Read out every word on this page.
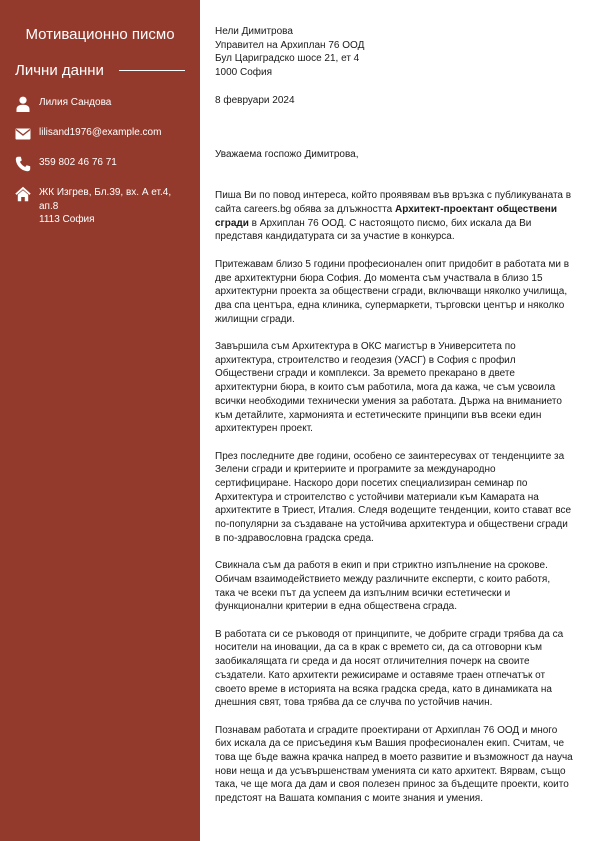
Мотивационно писмо
Лични данни
Лилия Сандова
lilisand1976@example.com
359 802 46 76 71
ЖК Изгрев, Бл.39, вх. А ет.4, ап.8
1113 София

Нели Димитрова

Управител на Архиплан 76 ООД

Бул Цариградско шосе 21, ет 4

1000 София

8 февруари 2024

Уважаема госпожо Димитрова,

Пиша Ви по повод интереса, който проявявам във връзка с публикуваната в сайта careers.bg обява за длъжността Архитект-проектант обществени сгради в Архиплан 76 ООД. С настоящото писмо, бих искала да Ви представя кандидатурата си за участие в конкурса.

Притежавам близо 5 години професионален опит придобит в работата ми в две архитектурни бюра София. До момента съм участвала в близо 15 архитектурни проекта за обществени сгради, включващи няколко училища, два спа центъра, една клиника, супермаркети, търговски център и няколко жилищни сгради.

Завършила съм Архитектура в ОКС магистър в Университета по архитектура, строителство и геодезия (УАСГ) в София с профил Обществени сгради и комплекси. За времето прекарано в двете архитектурни бюра, в които съм работила, мога да кажа, че съм усвоила всички необходими технически умения за работата. Държа на вниманието към детайлите, хармонията и естетическите принципи във всеки един архитектурен проект.

През последните две години, особено се заинтересувах от тенденциите за Зелени сгради и критериите и програмите за международно сертифициране. Наскоро дори посетих специализиран семинар по Архитектура и строителство с устойчиви материали към Камарата на архитектите в Триест, Италия. Следя водещите тенденции, които стават все по-популярни за създаване на устойчива архитектура и обществени сгради в по-здравословна градска среда.

Свикнала съм да работя в екип и при стриктно изпълнение на сроковe. Обичам взаимодействието между различните експерти, с които работя, така че всеки път да успеем да изпълним всички естетически и функционални критерии в една обществена сграда.

В работата си се ръководя от принципите, че добрите сгради трябва да са носители на иновации, да са в крак с времето си, да са отговорни към заобикалящата ги среда и да носят отличителния почерк на своите създатели. Като архитекти режисираме и оставяме траен отпечатък от своето време в историята на всяка градска среда, като в динамиката на днешния свят, това трябва да се случва по устойчив начин.

Познавам работата и сградите проектирани от Архиплан 76 ООД и много бих искала да се присъединя към Вашия професионален екип. Считам, че това ще бъде важна крачка напред в моето развитие и възможност да науча нови неща и да усъвършенствам уменията си като архитект. Вярвам, също така, че ще мога да дам и своя полезен принос за бъдещите проекти, които предстоят на Вашата компания с моите знания и умения.
